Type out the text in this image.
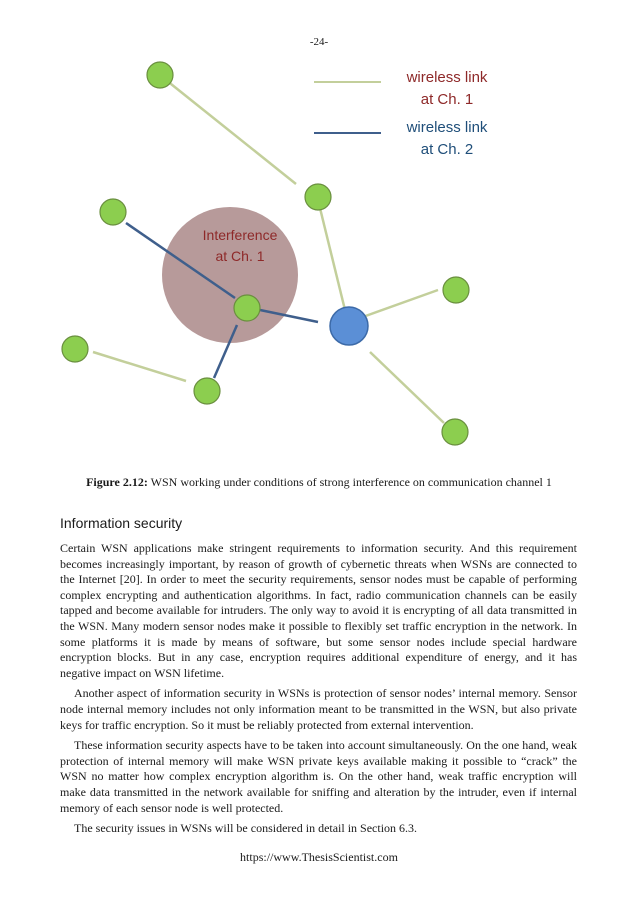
-24-
wireless link
at Ch. 1
wireless link
at Ch. 2
Interference
at Ch. 1
Figure 2.12: WSN working under conditions of strong interference on communication channel 1
Information security

Certain WSN applications make stringent requirements to information security. And this requirement becomes increasingly important, by reason of growth of cybernetic threats when WSNs are connected to the Internet [20]. In order to meet the security requirements, sensor nodes must be capable of performing complex encrypting and authentication algorithms. In fact, radio communication channels can be easily tapped and become available for intruders. The only way to avoid it is encrypting of all data transmitted in the WSN. Many modern sensor nodes make it possible to flexibly set traffic encryption in the network. In some platforms it is made by means of software, but some sensor nodes include special hardware encryption blocks. But in any case, encryption requires additional expenditure of energy, and it has negative impact on WSN lifetime.

Another aspect of information security in WSNs is protection of sensor nodes’ internal memory. Sensor node internal memory includes not only information meant to be transmitted in the WSN, but also private keys for traffic encryption. So it must be reliably protected from external intervention.

These information security aspects have to be taken into account simultaneously. On the one hand, weak protection of internal memory will make WSN private keys available making it possible to “crack” the WSN no matter how complex encryption algorithm is. On the other hand, weak traffic encryption will make data transmitted in the network available for sniffing and alteration by the intruder, even if internal memory of each sensor node is well protected.

The security issues in WSNs will be considered in detail in Section 6.3.

https://www.ThesisScientist.com
